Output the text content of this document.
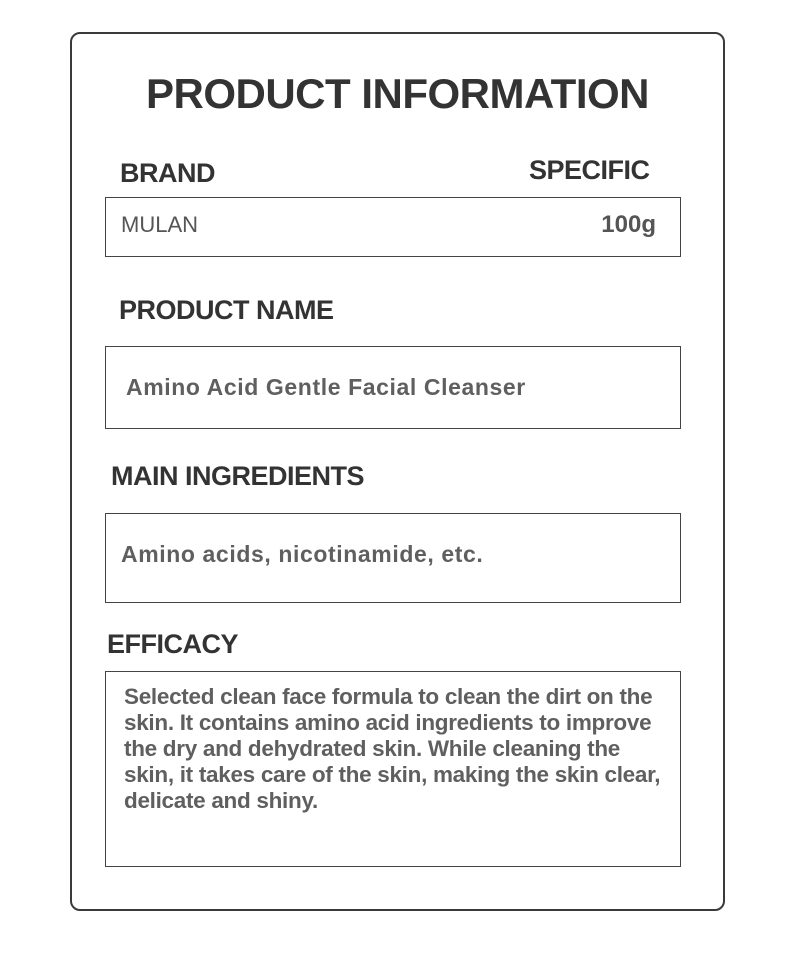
PRODUCT INFORMATION
BRAND	SPECIFIC
MULAN	100g
PRODUCT NAME
Amino Acid Gentle Facial Cleanser
MAIN INGREDIENTS
Amino acids, nicotinamide, etc.
EFFICACY
Selected clean face formula to clean the dirt on the skin. It contains amino acid ingredients to improve the dry and dehydrated skin. While cleaning the skin, it takes care of the skin, making the skin clear, delicate and shiny.
